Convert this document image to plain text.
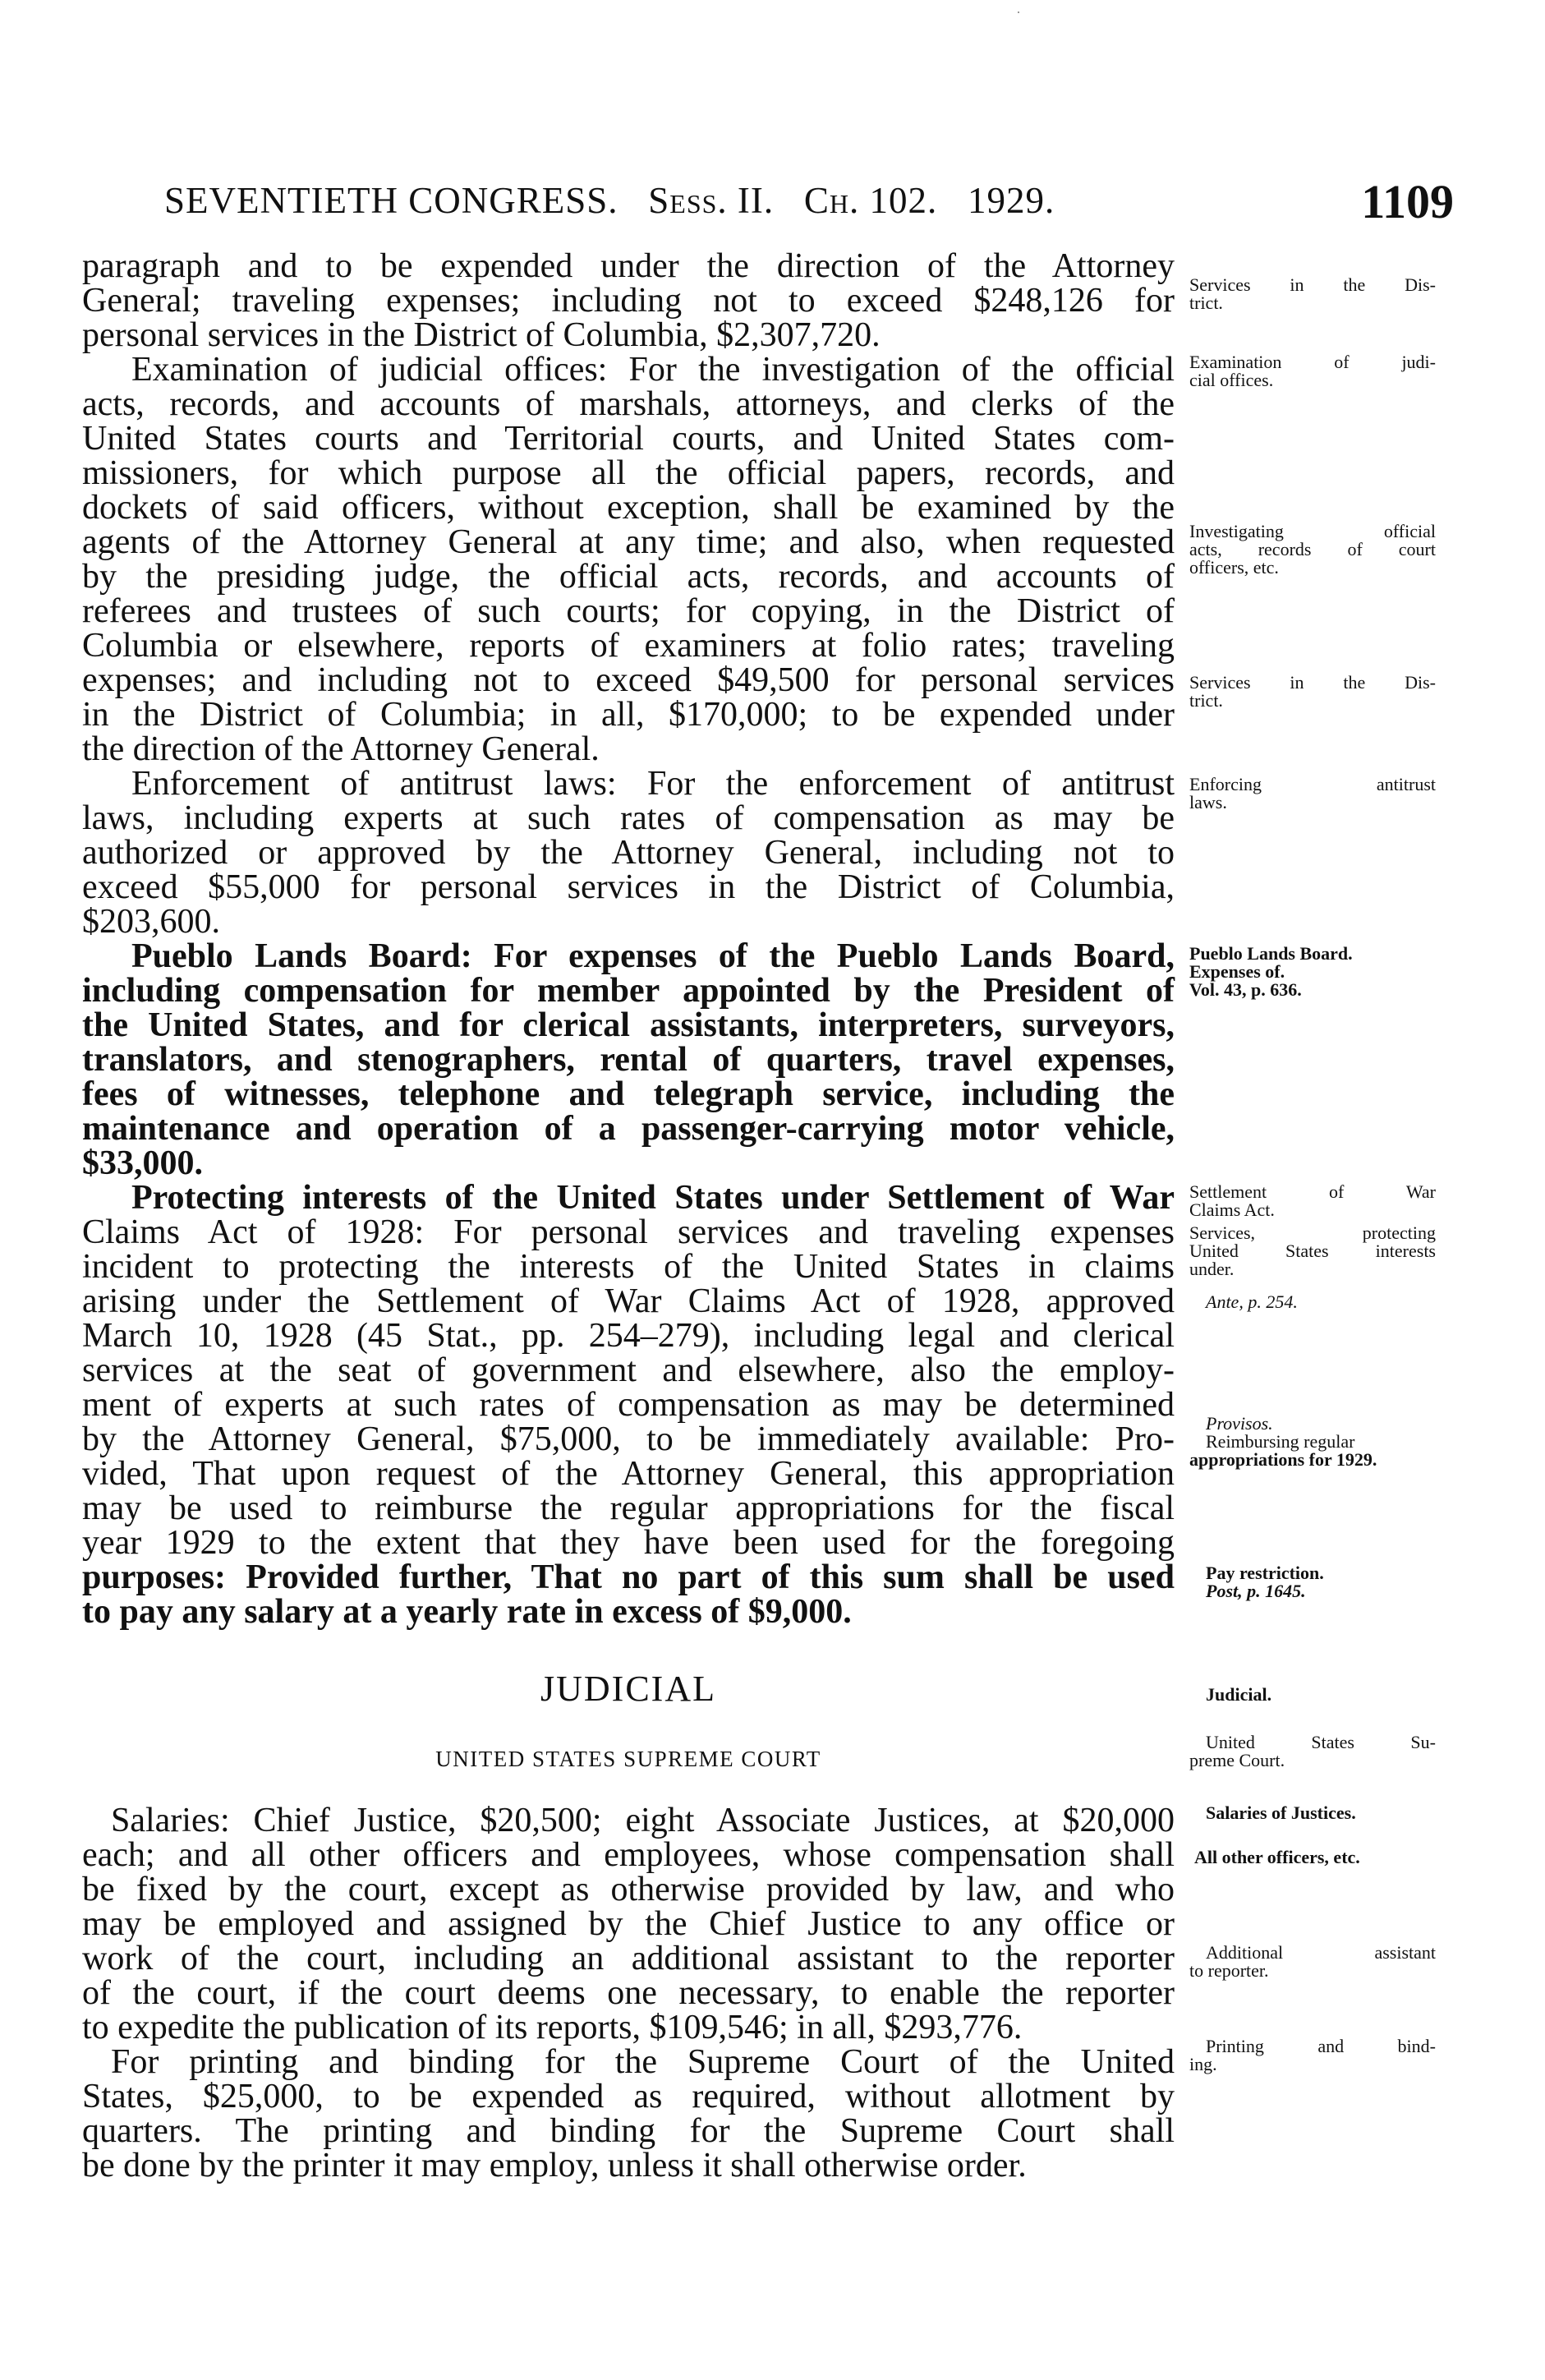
SEVENTIETH CONGRESS. Sess. II. Ch. 102. 1929.	1109
paragraph and to be expended under the direction of the Attorney
General; traveling expenses; including not to exceed $248,126 for
personal services in the District of Columbia, $2,307,720.
Examination of judicial offices: For the investigation of the official
acts, records, and accounts of marshals, attorneys, and clerks of the
United States courts and Territorial courts, and United States com-
missioners, for which purpose all the official papers, records, and
dockets of said officers, without exception, shall be examined by the
agents of the Attorney General at any time; and also, when requested
by the presiding judge, the official acts, records, and accounts of
referees and trustees of such courts; for copying, in the District of
Columbia or elsewhere, reports of examiners at folio rates; traveling
expenses; and including not to exceed $49,500 for personal services
in the District of Columbia; in all, $170,000; to be expended under
the direction of the Attorney General.
Enforcement of antitrust laws: For the enforcement of antitrust
laws, including experts at such rates of compensation as may be
authorized or approved by the Attorney General, including not to
exceed $55,000 for personal services in the District of Columbia,
$203,600.
Pueblo Lands Board: For expenses of the Pueblo Lands Board,
including compensation for member appointed by the President of
the United States, and for clerical assistants, interpreters, surveyors,
translators, and stenographers, rental of quarters, travel expenses,
fees of witnesses, telephone and telegraph service, including the
maintenance and operation of a passenger-carrying motor vehicle,
$33,000.
Protecting interests of the United States under Settlement of War
Claims Act of 1928: For personal services and traveling expenses
incident to protecting the interests of the United States in claims
arising under the Settlement of War Claims Act of 1928, approved
March 10, 1928 (45 Stat., pp. 254–279), including legal and clerical
services at the seat of government and elsewhere, also the employ-
ment of experts at such rates of compensation as may be determined
by the Attorney General, $75,000, to be immediately available: Pro-
vided, That upon request of the Attorney General, this appropriation
may be used to reimburse the regular appropriations for the fiscal
year 1929 to the extent that they have been used for the foregoing
purposes: Provided further, That no part of this sum shall be used
to pay any salary at a yearly rate in excess of $9,000.
JUDICIAL
UNITED STATES SUPREME COURT
Salaries: Chief Justice, $20,500; eight Associate Justices, at $20,000
each; and all other officers and employees, whose compensation shall
be fixed by the court, except as otherwise provided by law, and who
may be employed and assigned by the Chief Justice to any office or
work of the court, including an additional assistant to the reporter
of the court, if the court deems one necessary, to enable the reporter
to expedite the publication of its reports, $109,546; in all, $293,776.
For printing and binding for the Supreme Court of the United
States, $25,000, to be expended as required, without allotment by
quarters. The printing and binding for the Supreme Court shall
be done by the printer it may employ, unless it shall otherwise order.
Services in the Dis-
trict.
Examination of judi-
cial offices.
Investigating official
acts, records of court
officers, etc.
Services in the Dis-
trict.
Enforcing antitrust
laws.
Pueblo Lands Board.
Expenses of.
Vol. 43, p. 636.
Settlement of War
Claims Act.
Services, protecting
United States interests
under.
Ante, p. 254.
Provisos.
Reimbursing regular
appropriations for 1929.
Pay restriction.
Post, p. 1645.
Judicial.
United States Su-
preme Court.
Salaries of Justices.
All other officers, etc.
Additional assistant
to reporter.
Printing and bind-
ing.
